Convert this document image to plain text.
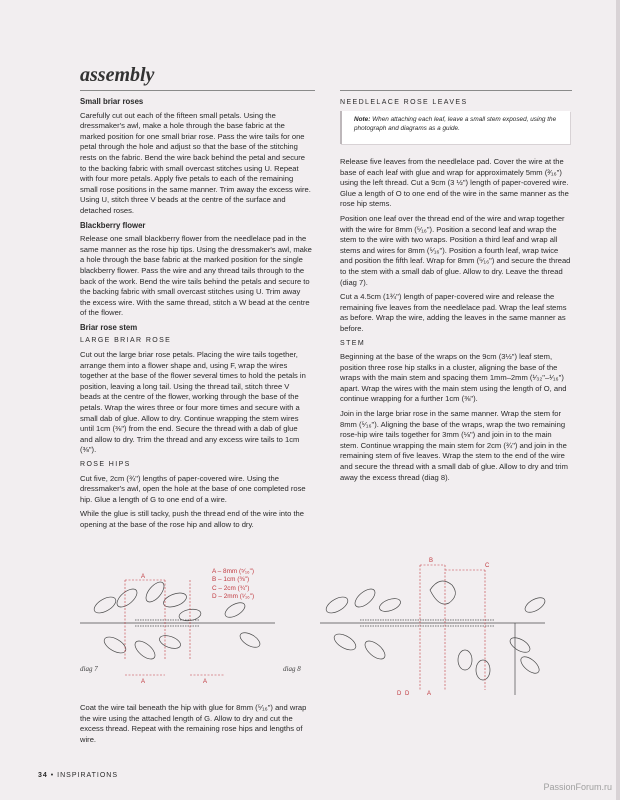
assembly
Small briar roses

Carefully cut out each of the fifteen small petals. Using the dressmaker's awl, make a hole through the base fabric at the marked position for one small briar rose. Pass the wire tails for one petal through the hole and adjust so that the base of the stitching rests on the fabric. Bend the wire back behind the petal and secure to the backing fabric with small overcast stitches using U. Repeat with four more petals. Apply five petals to each of the remaining small rose positions in the same manner. Trim away the excess wire. Using U, stitch three V beads at the centre of the surface and detached roses.

Blackberry flower

Release one small blackberry flower from the needlelace pad in the same manner as the rose hip tips. Using the dressmaker's awl, make a hole through the base fabric at the marked position for the single blackberry flower. Pass the wire and any thread tails through to the back of the work. Bend the wire tails behind the petals and secure to the backing fabric with small overcast stitches using U. Trim away the excess wire. With the same thread, stitch a W bead at the centre of the flower.

Briar rose stem
LARGE BRIAR ROSE

Cut out the large briar rose petals. Placing the wire tails together, arrange them into a flower shape and, using F, wrap the wires together at the base of the flower several times to hold the petals in position, leaving a long tail. Using the thread tail, stitch three V beads at the centre of the flower, working through the base of the petals. Wrap the wires three or four more times and secure with a small dab of glue. Allow to dry. Continue wrapping the stem wires until 1cm (⅜") from the end. Secure the thread with a dab of glue and allow to dry. Trim the thread and any excess wire tails to 1cm (⅜").

ROSE HIPS

Cut five, 2cm (¾") lengths of paper-covered wire. Using the dressmaker's awl, open the hole at the base of one completed rose hip. Glue a length of G to one end of a wire.

While the glue is still tacky, push the thread end of the wire into the opening at the base of the rose hip and allow to dry.

NEEDLELACE ROSE LEAVES
Note: When attaching each leaf, leave a small stem exposed, using the photograph and diagrams as a guide.

Release five leaves from the needlelace pad. Cover the wire at the base of each leaf with glue and wrap for approximately 5mm (³⁄₁₆") using the left thread. Cut a 9cm (3 ½") length of paper-covered wire. Glue a length of O to one end of the wire in the same manner as the rose hip stems.

Position one leaf over the thread end of the wire and wrap together with the wire for 8mm (⁵⁄₁₆"). Position a second leaf and wrap the stem to the wire with two wraps. Position a third leaf and wrap all stems and wires for 8mm (⁵⁄₁₆"). Position a fourth leaf, wrap twice and position the fifth leaf. Wrap for 8mm (⁵⁄₁₆") and secure the thread to the stem with a small dab of glue. Allow to dry. Leave the thread (diag 7).

Cut a 4.5cm (1¾") length of paper-covered wire and release the remaining five leaves from the needlelace pad. Wrap the leaf stems as before. Wrap the wire, adding the leaves in the same manner as before.

STEM

Beginning at the base of the wraps on the 9cm (3½") leaf stem, position three rose hip stalks in a cluster, aligning the base of the wraps with the main stem and spacing them 1mm–2mm (¹⁄₃₂"–¹⁄₁₆") apart. Wrap the wires with the main stem using the length of O, and continue wrapping for a further 1cm (⅜").

Join in the large briar rose in the same manner. Wrap the stem for 8mm (⁵⁄₁₆"). Aligning the base of the wraps, wrap the two remaining rose-hip wire tails together for 3mm (⅛") and join in to the main stem. Continue wrapping the main stem for 2cm (¾") and join in the remaining stem of five leaves. Wrap the stem to the end of the wire and secure the thread with a small dab of glue. Allow to dry and trim away the excess thread (diag 8).

A
A	A
B
C
D D	A
A – 8mm (⁵⁄₁₆")
B – 1cm (⅜")
C – 2cm (¾")
D – 2mm (¹⁄₁₆")
diag 7	diag 8
Coat the wire tail beneath the hip with glue for 8mm (⁵⁄₁₆") and wrap the wire using the attached length of G. Allow to dry and cut the excess thread. Repeat with the remaining rose hips and lengths of wire.
34 • INSPIRATIONS
PassionForum.ru
